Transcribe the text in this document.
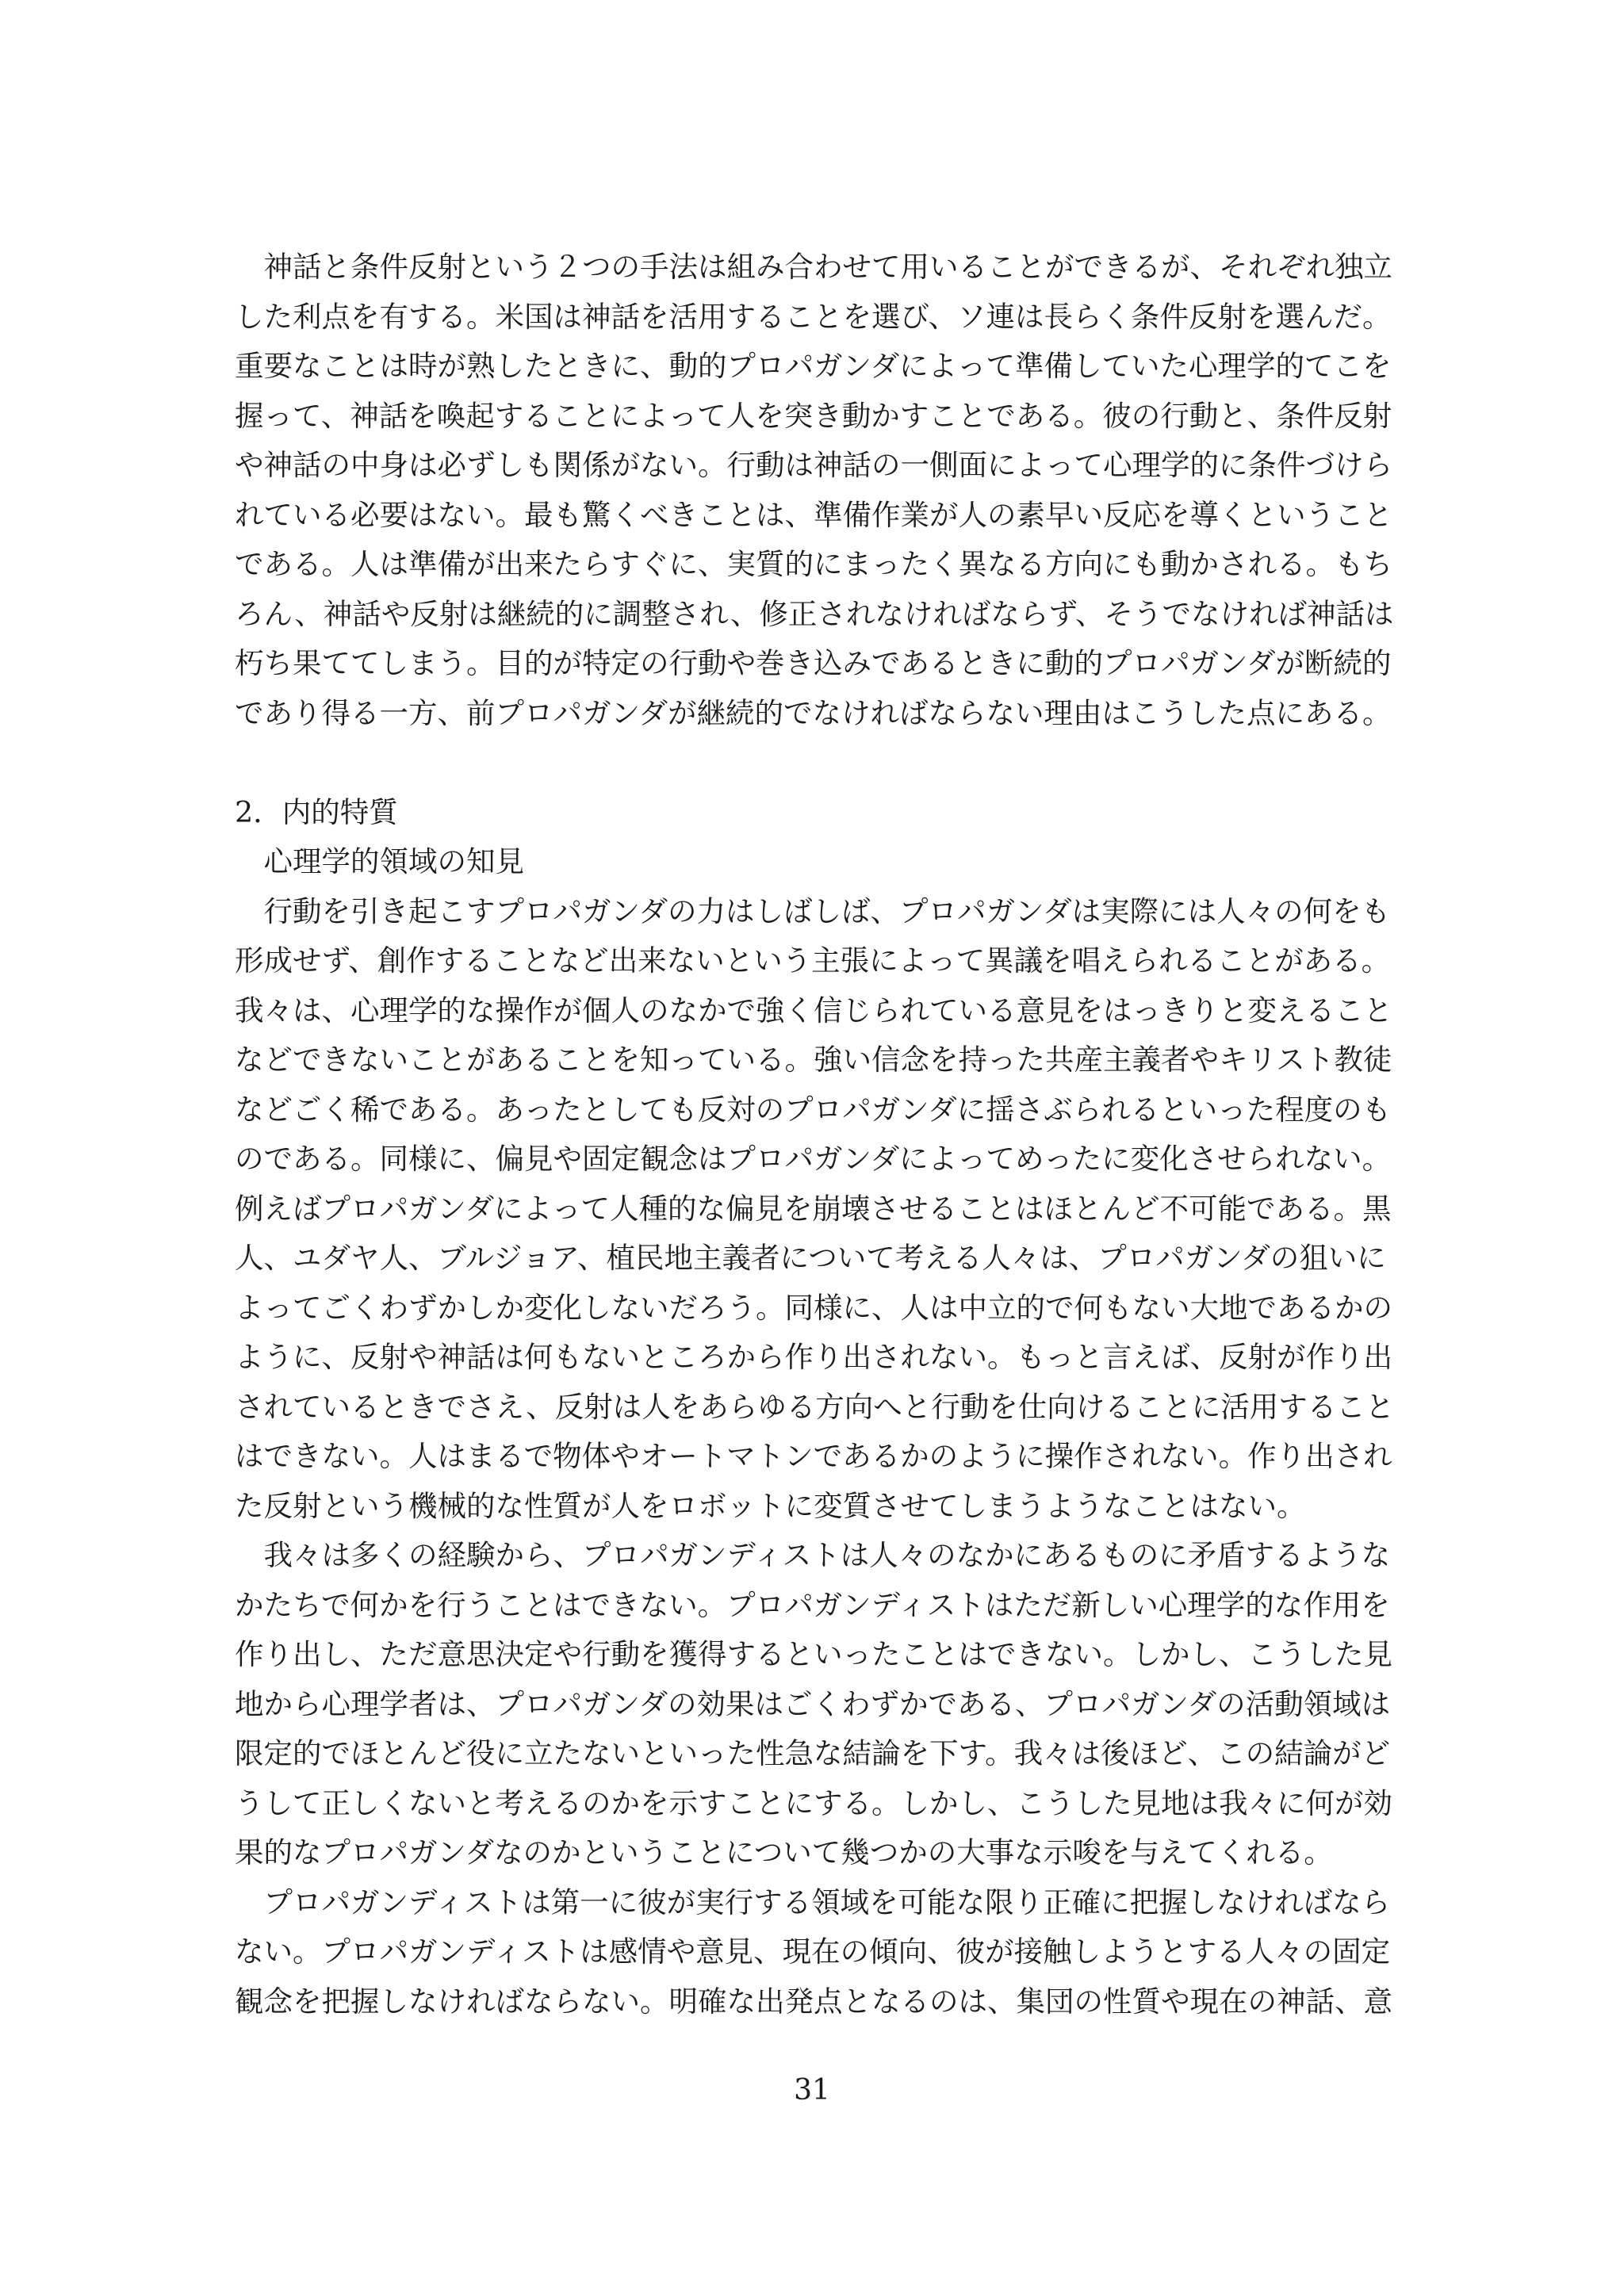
　神話と条件反射という２つの手法は組み合わせて用いることができるが、それぞれ独立
した利点を有する。米国は神話を活用することを選び、ソ連は長らく条件反射を選んだ。
重要なことは時が熟したときに、動的プロパガンダによって準備していた心理学的てこを
握って、神話を喚起することによって人を突き動かすことである。彼の行動と、条件反射
や神話の中身は必ずしも関係がない。行動は神話の一側面によって心理学的に条件づけら
れている必要はない。最も驚くべきことは、準備作業が人の素早い反応を導くということ
である。人は準備が出来たらすぐに、実質的にまったく異なる方向にも動かされる。もち
ろん、神話や反射は継続的に調整され、修正されなければならず、そうでなければ神話は
朽ち果ててしまう。目的が特定の行動や巻き込みであるときに動的プロパガンダが断続的
であり得る一方、前プロパガンダが継続的でなければならない理由はこうした点にある。
2．内的特質
　心理学的領域の知見
　行動を引き起こすプロパガンダの力はしばしば、プロパガンダは実際には人々の何をも
形成せず、創作することなど出来ないという主張によって異議を唱えられることがある。
我々は、心理学的な操作が個人のなかで強く信じられている意見をはっきりと変えること
などできないことがあることを知っている。強い信念を持った共産主義者やキリスト教徒
などごく稀である。あったとしても反対のプロパガンダに揺さぶられるといった程度のも
のである。同様に、偏見や固定観念はプロパガンダによってめったに変化させられない。
例えばプロパガンダによって人種的な偏見を崩壊させることはほとんど不可能である。黒
人、ユダヤ人、ブルジョア、植民地主義者について考える人々は、プロパガンダの狙いに
よってごくわずかしか変化しないだろう。同様に、人は中立的で何もない大地であるかの
ように、反射や神話は何もないところから作り出されない。もっと言えば、反射が作り出
されているときでさえ、反射は人をあらゆる方向へと行動を仕向けることに活用すること
はできない。人はまるで物体やオートマトンであるかのように操作されない。作り出され
た反射という機械的な性質が人をロボットに変質させてしまうようなことはない。
　我々は多くの経験から、プロパガンディストは人々のなかにあるものに矛盾するような
かたちで何かを行うことはできない。プロパガンディストはただ新しい心理学的な作用を
作り出し、ただ意思決定や行動を獲得するといったことはできない。しかし、こうした見
地から心理学者は、プロパガンダの効果はごくわずかである、プロパガンダの活動領域は
限定的でほとんど役に立たないといった性急な結論を下す。我々は後ほど、この結論がど
うして正しくないと考えるのかを示すことにする。しかし、こうした見地は我々に何が効
果的なプロパガンダなのかということについて幾つかの大事な示唆を与えてくれる。
　プロパガンディストは第一に彼が実行する領域を可能な限り正確に把握しなければなら
ない。プロパガンディストは感情や意見、現在の傾向、彼が接触しようとする人々の固定
観念を把握しなければならない。明確な出発点となるのは、集団の性質や現在の神話、意
31
